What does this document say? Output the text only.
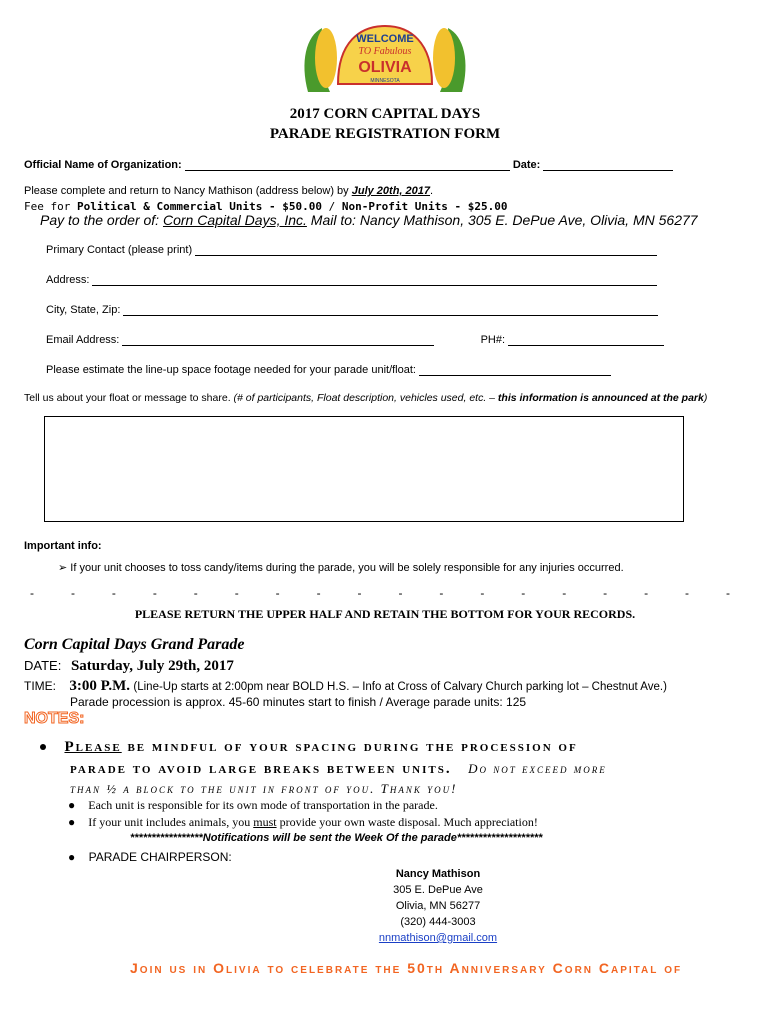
WELCOME
TO Fabulous
OLIVIA
MINNESOTA
2017 CORN CAPITAL DAYS
PARADE REGISTRATION FORM
Official Name of Organization:	Date:
Please complete and return to Nancy Mathison (address below) by July 20th, 2017.
Fee for Political & Commercial Units - $50.00 / Non-Profit Units - $25.00
Pay to the order of: Corn Capital Days, Inc. Mail to: Nancy Mathison, 305 E. DePue Ave, Olivia, MN 56277
Primary Contact (please print)
Address:
City, State, Zip:
Email Address:	PH#:
Please estimate the line-up space footage needed for your parade unit/float:
Tell us about your float or message to share. (# of participants, Float description, vehicles used, etc. – this information is announced at the park)
Important info:
➢ If your unit chooses to toss candy/items during the parade, you will be solely responsible for any injuries occurred.
-	-	-	-	-	-	-	-	-	-	-	-	-	-	-	-	-	-
PLEASE RETURN THE UPPER HALF AND RETAIN THE BOTTOM FOR YOUR RECORDS.
Corn Capital Days Grand Parade
DATE: Saturday, July 29th, 2017
TIME: 3:00 P.M. (Line-Up starts at 2:00pm near BOLD H.S. – Info at Cross of Calvary Church parking lot – Chestnut Ave.)
Parade procession is approx. 45-60 minutes start to finish / Average parade units: 125
NOTES:
Please be mindful of your spacing during the procession of
parade to avoid large breaks between units. Do not exceed more
than ½ a block to the unit in front of you. Thank you!
● Each unit is responsible for its own mode of transportation in the parade.
● If your unit includes animals, you must provide your own waste disposal. Much appreciation!
*****************Notifications will be sent the Week Of the parade********************
● PARADE CHAIRPERSON:
Nancy Mathison
305 E. DePue Ave
Olivia, MN 56277
(320) 444-3003
nnmathison@gmail.com
Join us in Olivia to celebrate the 50th Anniversary Corn Capital of
